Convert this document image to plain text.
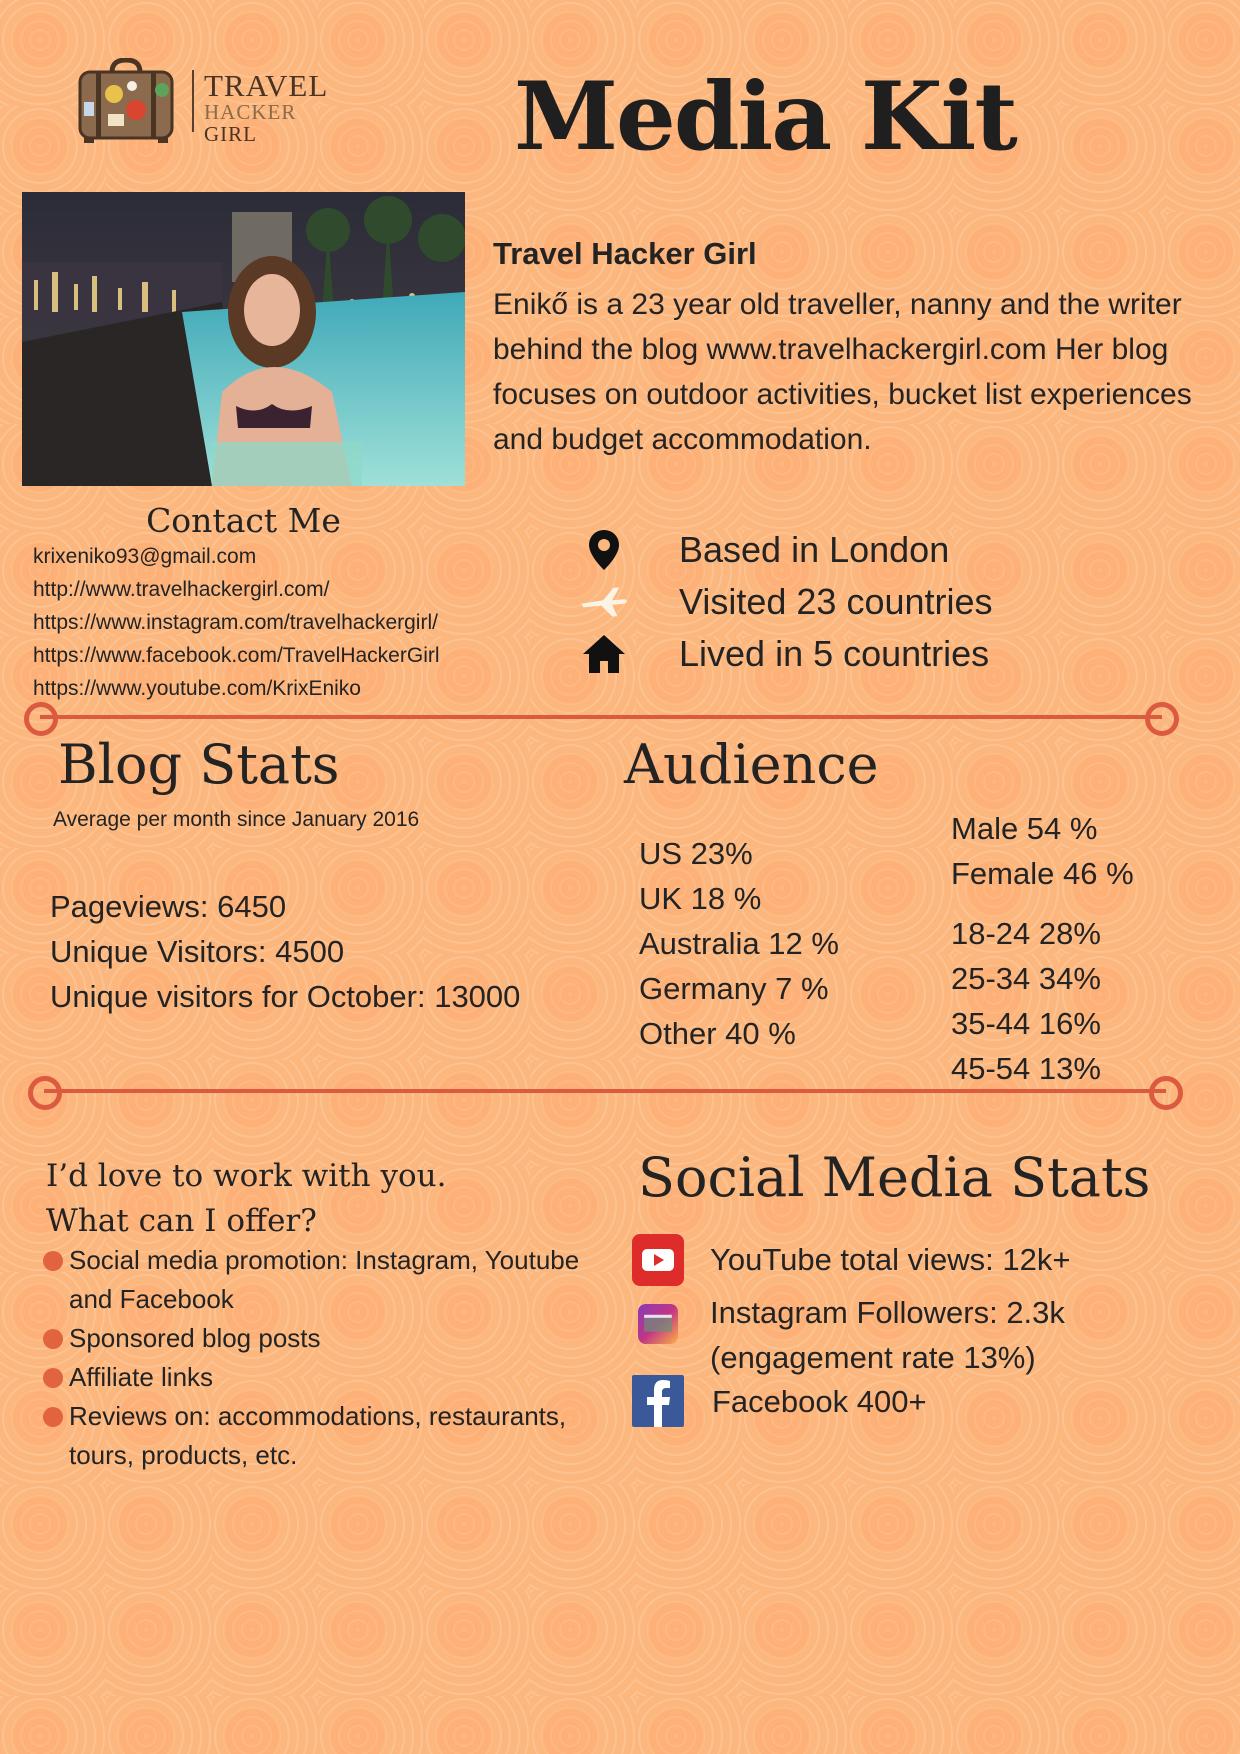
TRAVEL
HACKER
GIRL	Media Kit
Travel Hacker Girl
Enikő is a 23 year old traveller, nanny and the writer behind the blog www.travelhackergirl.com Her blog focuses on outdoor activities, bucket list experiences and budget accommodation.
Contact Me
krixeniko93@gmail.com
http://www.travelhackergirl.com/
https://www.instagram.com/travelhackergirl/
https://www.facebook.com/TravelHackerGirl
https://www.youtube.com/KrixEniko
Based in London
Visited 23 countries
Lived in 5 countries
Blog Stats
Average per month since January 2016
Pageviews: 6450
Unique Visitors: 4500
Unique visitors for October: 13000
Audience
US 23%
UK 18 %
Australia 12 %
Germany 7 %
Other 40 %
Male 54 %
Female 46 %
18-24 28%
25-34 34%
35-44 16%
45-54 13%
I’d love to work with you.
What can I offer?
Social media promotion: Instagram, Youtube and Facebook
Sponsored blog posts
Affiliate links
Reviews on: accommodations, restaurants, tours, products, etc.
Social Media Stats
YouTube total views: 12k+
Instagram Followers: 2.3k
(engagement rate 13%)
Facebook 400+
